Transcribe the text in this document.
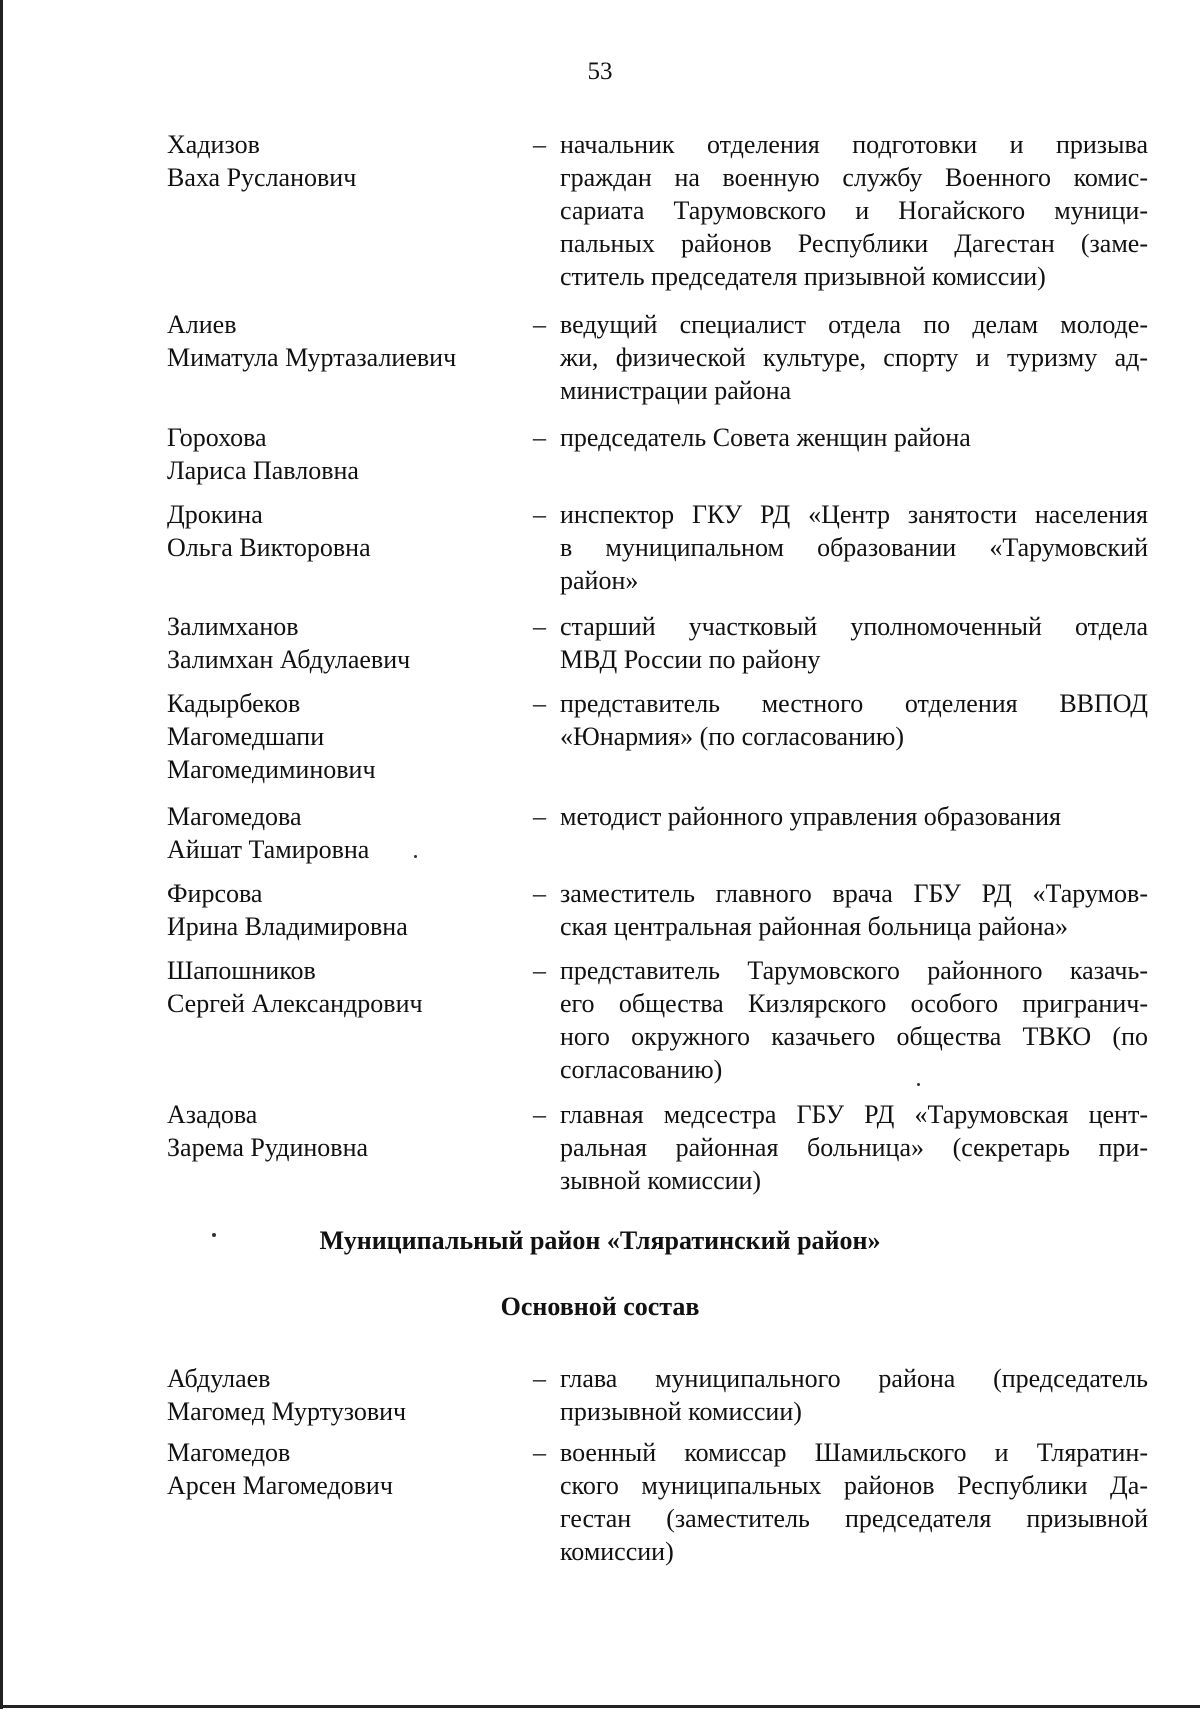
53
Хадизов
Ваха Русланович
– начальник отделения подготовки и призыва
граждан на военную службу Военного комис-
сариата Тарумовского и Ногайского муници-
пальных районов Республики Дагестан (заме-
ститель председателя призывной комиссии)
Алиев
Миматула Муртазалиевич
– ведущий специалист отдела по делам молоде-
жи, физической культуре, спорту и туризму ад-
министрации района
Горохова
Лариса Павловна
– председатель Совета женщин района
Дрокина
Ольга Викторовна
– инспектор ГКУ РД «Центр занятости населения
в муниципальном образовании «Тарумовский
район»
Залимханов
Залимхан Абдулаевич
– старший участковый уполномоченный отдела
МВД России по району
Кадырбеков
Магомедшапи
Магомедиминович
– представитель местного отделения ВВПОД
«Юнармия» (по согласованию)
Магомедова
Айшат Тамировна
– методист районного управления образования
Фирсова
Ирина Владимировна
– заместитель главного врача ГБУ РД «Тарумов-
ская центральная районная больница района»
Шапошников
Сергей Александрович
– представитель Тарумовского районного казачь-
его общества Кизлярского особого пригранич-
ного окружного казачьего общества ТВКО (по
согласованию)
Азадова
Зарема Рудиновна
– главная медсестра ГБУ РД «Тарумовская цент-
ральная районная больница» (секретарь при-
зывной комиссии)
Муниципальный район «Тляратинский район»
Основной состав
Абдулаев
Магомед Муртузович
– глава муниципального района (председатель
призывной комиссии)
Магомедов
Арсен Магомедович
– военный комиссар Шамильского и Тляратин-
ского муниципальных районов Республики Да-
гестан (заместитель председателя призывной
комиссии)
